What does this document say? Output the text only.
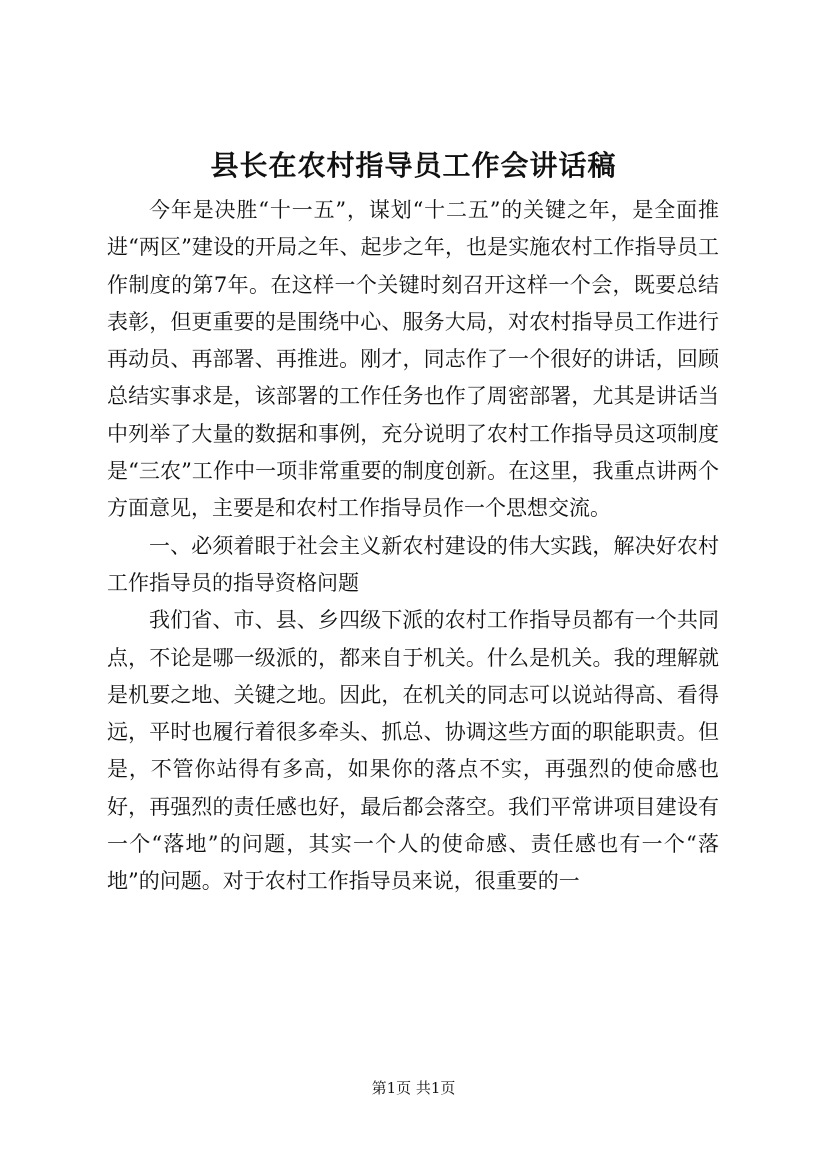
县长在农村指导员工作会讲话稿

今年是决胜“十一五”，谋划“十二五”的关键之年，是全面推进“两区”建设的开局之年、起步之年，也是实施农村工作指导员工作制度的第7年。在这样一个关键时刻召开这样一个会，既要总结表彰，但更重要的是围绕中心、服务大局，对农村指导员工作进行再动员、再部署、再推进。刚才，同志作了一个很好的讲话，回顾总结实事求是，该部署的工作任务也作了周密部署，尤其是讲话当中列举了大量的数据和事例，充分说明了农村工作指导员这项制度是“三农”工作中一项非常重要的制度创新。在这里，我重点讲两个方面意见，主要是和农村工作指导员作一个思想交流。

一、必须着眼于社会主义新农村建设的伟大实践，解决好农村工作指导员的指导资格问题

我们省、市、县、乡四级下派的农村工作指导员都有一个共同点，不论是哪一级派的，都来自于机关。什么是机关。我的理解就是机要之地、关键之地。因此，在机关的同志可以说站得高、看得远，平时也履行着很多牵头、抓总、协调这些方面的职能职责。但是，不管你站得有多高，如果你的落点不实，再强烈的使命感也好，再强烈的责任感也好，最后都会落空。我们平常讲项目建设有一个“落地”的问题，其实一个人的使命感、责任感也有一个“落地”的问题。对于农村工作指导员来说，很重要的一

第1页 共1页
